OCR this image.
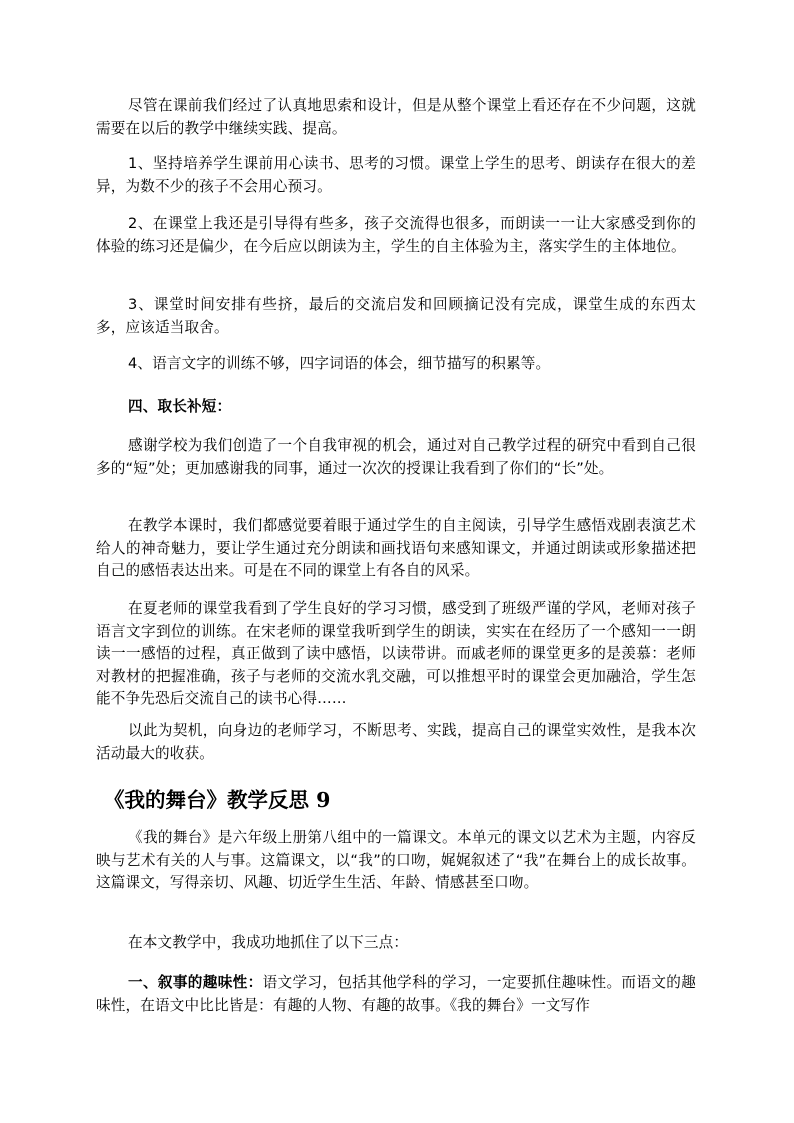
尽管在课前我们经过了认真地思索和设计，但是从整个课堂上看还存在不少问题，这就需要在以后的教学中继续实践、提高。

1、坚持培养学生课前用心读书、思考的习惯。课堂上学生的思考、朗读存在很大的差异，为数不少的孩子不会用心预习。

2、在课堂上我还是引导得有些多，孩子交流得也很多，而朗读一一让大家感受到你的体验的练习还是偏少，在今后应以朗读为主，学生的自主体验为主，落实学生的主体地位。

3、课堂时间安排有些挤，最后的交流启发和回顾摘记没有完成，课堂生成的东西太多，应该适当取舍。

4、语言文字的训练不够，四字词语的体会，细节描写的积累等。

四、取长补短：

感谢学校为我们创造了一个自我审视的机会，通过对自己教学过程的研究中看到自己很多的“短”处；更加感谢我的同事，通过一次次的授课让我看到了你们的“长”处。

在教学本课时，我们都感觉要着眼于通过学生的自主阅读，引导学生感悟戏剧表演艺术给人的神奇魅力，要让学生通过充分朗读和画找语句来感知课文，并通过朗读或形象描述把自己的感悟表达出来。可是在不同的课堂上有各自的风采。

在夏老师的课堂我看到了学生良好的学习习惯，感受到了班级严谨的学风，老师对孩子语言文字到位的训练。在宋老师的课堂我听到学生的朗读，实实在在经历了一个感知一一朗读一一感悟的过程，真正做到了读中感悟，以读带讲。而戚老师的课堂更多的是羡慕：老师对教材的把握准确，孩子与老师的交流水乳交融，可以推想平时的课堂会更加融洽，学生怎能不争先恐后交流自己的读书心得……

以此为契机，向身边的老师学习，不断思考、实践，提高自己的课堂实效性，是我本次活动最大的收获。

《我的舞台》教学反思 9

《我的舞台》是六年级上册第八组中的一篇课文。本单元的课文以艺术为主题，内容反映与艺术有关的人与事。这篇课文，以“我”的口吻，娓娓叙述了“我”在舞台上的成长故事。这篇课文，写得亲切、风趣、切近学生生活、年龄、情感甚至口吻。

在本文教学中，我成功地抓住了以下三点：

一、叙事的趣味性：语文学习，包括其他学科的学习，一定要抓住趣味性。而语文的趣味性，在语文中比比皆是：有趣的人物、有趣的故事。《我的舞台》一文写作
